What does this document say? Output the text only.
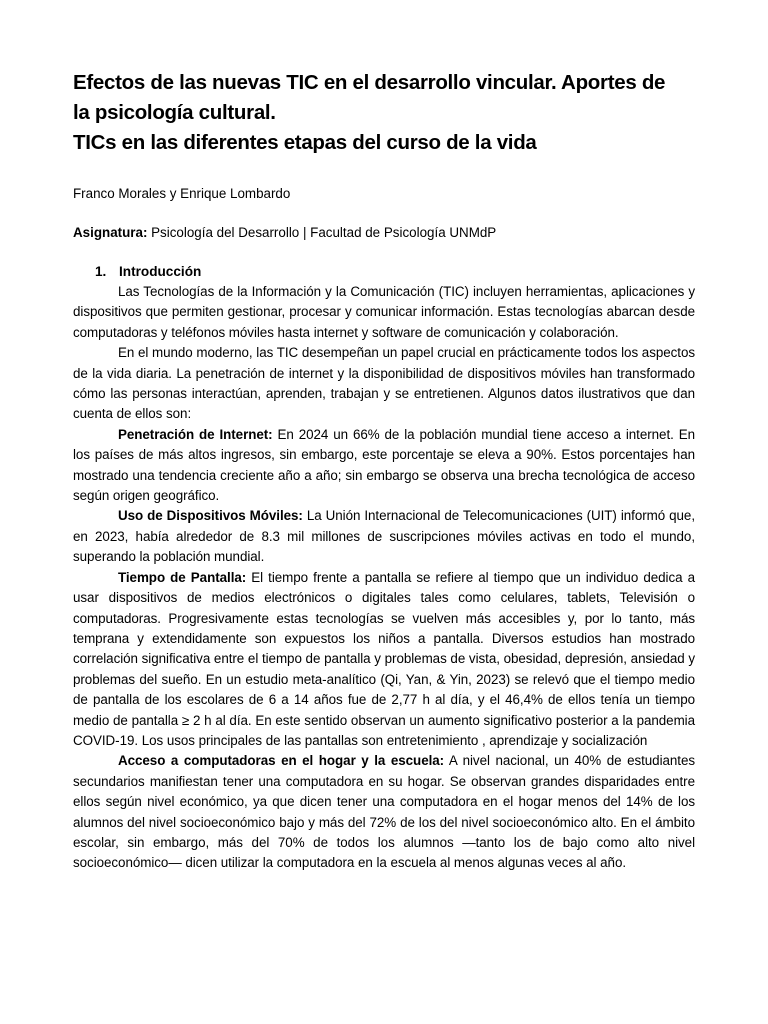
Efectos de las nuevas TIC en el desarrollo vincular. Aportes de
la psicología cultural.
TICs en las diferentes etapas del curso de la vida
Franco Morales y Enrique Lombardo
Asignatura: Psicología del Desarrollo | Facultad de Psicología UNMdP
1. Introducción

Las Tecnologías de la Información y la Comunicación (TIC) incluyen herramientas, aplicaciones y dispositivos que permiten gestionar, procesar y comunicar información. Estas tecnologías abarcan desde computadoras y teléfonos móviles hasta internet y software de comunicación y colaboración.

En el mundo moderno, las TIC desempeñan un papel crucial en prácticamente todos los aspectos de la vida diaria. La penetración de internet y la disponibilidad de dispositivos móviles han transformado cómo las personas interactúan, aprenden, trabajan y se entretienen. Algunos datos ilustrativos que dan cuenta de ellos son:

Penetración de Internet: En 2024 un 66% de la población mundial tiene acceso a internet. En los países de más altos ingresos, sin embargo, este porcentaje se eleva a 90%. Estos porcentajes han mostrado una tendencia creciente año a año; sin embargo se observa una brecha tecnológica de acceso según origen geográfico.

Uso de Dispositivos Móviles: La Unión Internacional de Telecomunicaciones (UIT) informó que, en 2023, había alrededor de 8.3 mil millones de suscripciones móviles activas en todo el mundo, superando la población mundial.

Tiempo de Pantalla: El tiempo frente a pantalla se refiere al tiempo que un individuo dedica a usar dispositivos de medios electrónicos o digitales tales como celulares, tablets, Televisión o computadoras. Progresivamente estas tecnologías se vuelven más accesibles y, por lo tanto, más temprana y extendidamente son expuestos los niños a pantalla. Diversos estudios han mostrado correlación significativa entre el tiempo de pantalla y problemas de vista, obesidad, depresión, ansiedad y problemas del sueño. En un estudio meta-analítico (Qi, Yan, & Yin, 2023) se relevó que el tiempo medio de pantalla de los escolares de 6 a 14 años fue de 2,77 h al día, y el 46,4% de ellos tenía un tiempo medio de pantalla ≥ 2 h al día. En este sentido observan un aumento significativo posterior a la pandemia COVID-19. Los usos principales de las pantallas son entretenimiento , aprendizaje y socialización

Acceso a computadoras en el hogar y la escuela: A nivel nacional, un 40% de estudiantes secundarios manifiestan tener una computadora en su hogar. Se observan grandes disparidades entre ellos según nivel económico, ya que dicen tener una computadora en el hogar menos del 14% de los alumnos del nivel socioeconómico bajo y más del 72% de los del nivel socioeconómico alto. En el ámbito escolar, sin embargo, más del 70% de todos los alumnos —tanto los de bajo como alto nivel socioeconómico— dicen utilizar la computadora en la escuela al menos algunas veces al año.
